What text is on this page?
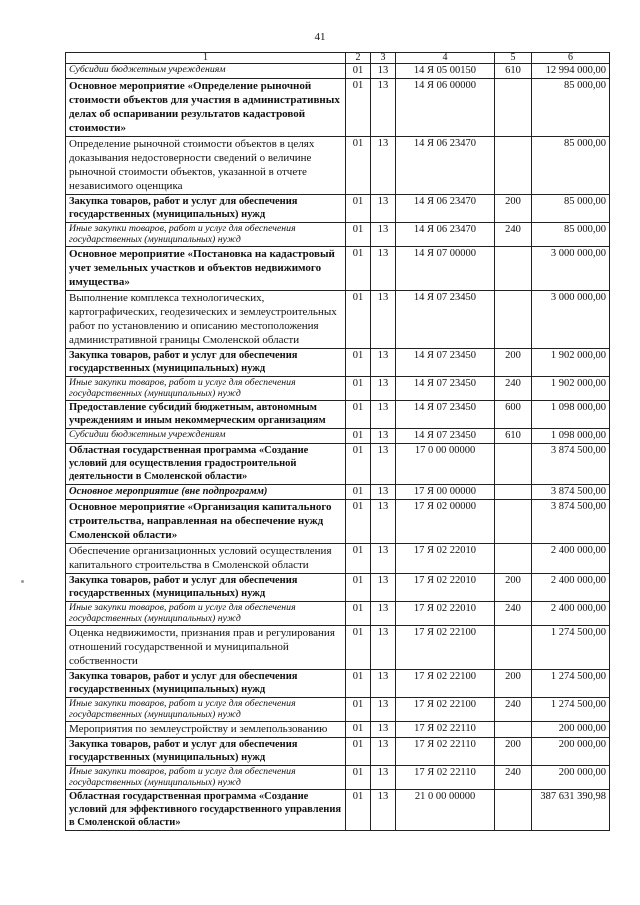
41
1	2	3	4	5	6
Субсидии бюджетным учреждениям	01	13	14 Я 05 00150	610	12 994 000,00
Основное мероприятие «Определение рыночной стоимости объектов для участия в административных делах об оспаривании результатов кадастровой стоимости»	01	13	14 Я 06 00000		85 000,00
Определение рыночной стоимости объектов в целях доказывания недостоверности сведений о величине рыночной стоимости объектов, указанной в отчете независимого оценщика	01	13	14 Я 06 23470		85 000,00
Закупка товаров, работ и услуг для обеспечения государственных (муниципальных) нужд	01	13	14 Я 06 23470	200	85 000,00
Иные закупки товаров, работ и услуг для обеспечения государственных (муниципальных) нужд	01	13	14 Я 06 23470	240	85 000,00
Основное мероприятие «Постановка на кадастровый учет земельных участков и объектов недвижимого имущества»	01	13	14 Я 07 00000		3 000 000,00
Выполнение комплекса технологических, картографических, геодезических и землеустроительных работ по установлению и описанию местоположения административной границы Смоленской области	01	13	14 Я 07 23450		3 000 000,00
Закупка товаров, работ и услуг для обеспечения государственных (муниципальных) нужд	01	13	14 Я 07 23450	200	1 902 000,00
Иные закупки товаров, работ и услуг для обеспечения государственных (муниципальных) нужд	01	13	14 Я 07 23450	240	1 902 000,00
Предоставление субсидий бюджетным, автономным учреждениям и иным некоммерческим организациям	01	13	14 Я 07 23450	600	1 098 000,00
Субсидии бюджетным учреждениям	01	13	14 Я 07 23450	610	1 098 000,00
Областная государственная программа «Создание условий для осуществления градостроительной деятельности в Смоленской области»	01	13	17 0 00 00000		3 874 500,00
Основное мероприятие (вне подпрограмм)	01	13	17 Я 00 00000		3 874 500,00
Основное мероприятие «Организация капитального строительства, направленная на обеспечение нужд Смоленской области»	01	13	17 Я 02 00000		3 874 500,00
Обеспечение организационных условий осуществления капитального строительства в Смоленской области	01	13	17 Я 02 22010		2 400 000,00
Закупка товаров, работ и услуг для обеспечения государственных (муниципальных) нужд	01	13	17 Я 02 22010	200	2 400 000,00
Иные закупки товаров, работ и услуг для обеспечения государственных (муниципальных) нужд	01	13	17 Я 02 22010	240	2 400 000,00
Оценка недвижимости, признания прав и регулирования отношений государственной и муниципальной собственности	01	13	17 Я 02 22100		1 274 500,00
Закупка товаров, работ и услуг для обеспечения государственных (муниципальных) нужд	01	13	17 Я 02 22100	200	1 274 500,00
Иные закупки товаров, работ и услуг для обеспечения государственных (муниципальных) нужд	01	13	17 Я 02 22100	240	1 274 500,00
Мероприятия по землеустройству и землепользованию	01	13	17 Я 02 22110		200 000,00
Закупка товаров, работ и услуг для обеспечения государственных (муниципальных) нужд	01	13	17 Я 02 22110	200	200 000,00
Иные закупки товаров, работ и услуг для обеспечения государственных (муниципальных) нужд	01	13	17 Я 02 22110	240	200 000,00
Областная государственная программа «Создание условий для эффективного государственного управления в Смоленской области»	01	13	21 0 00 00000		387 631 390,98
